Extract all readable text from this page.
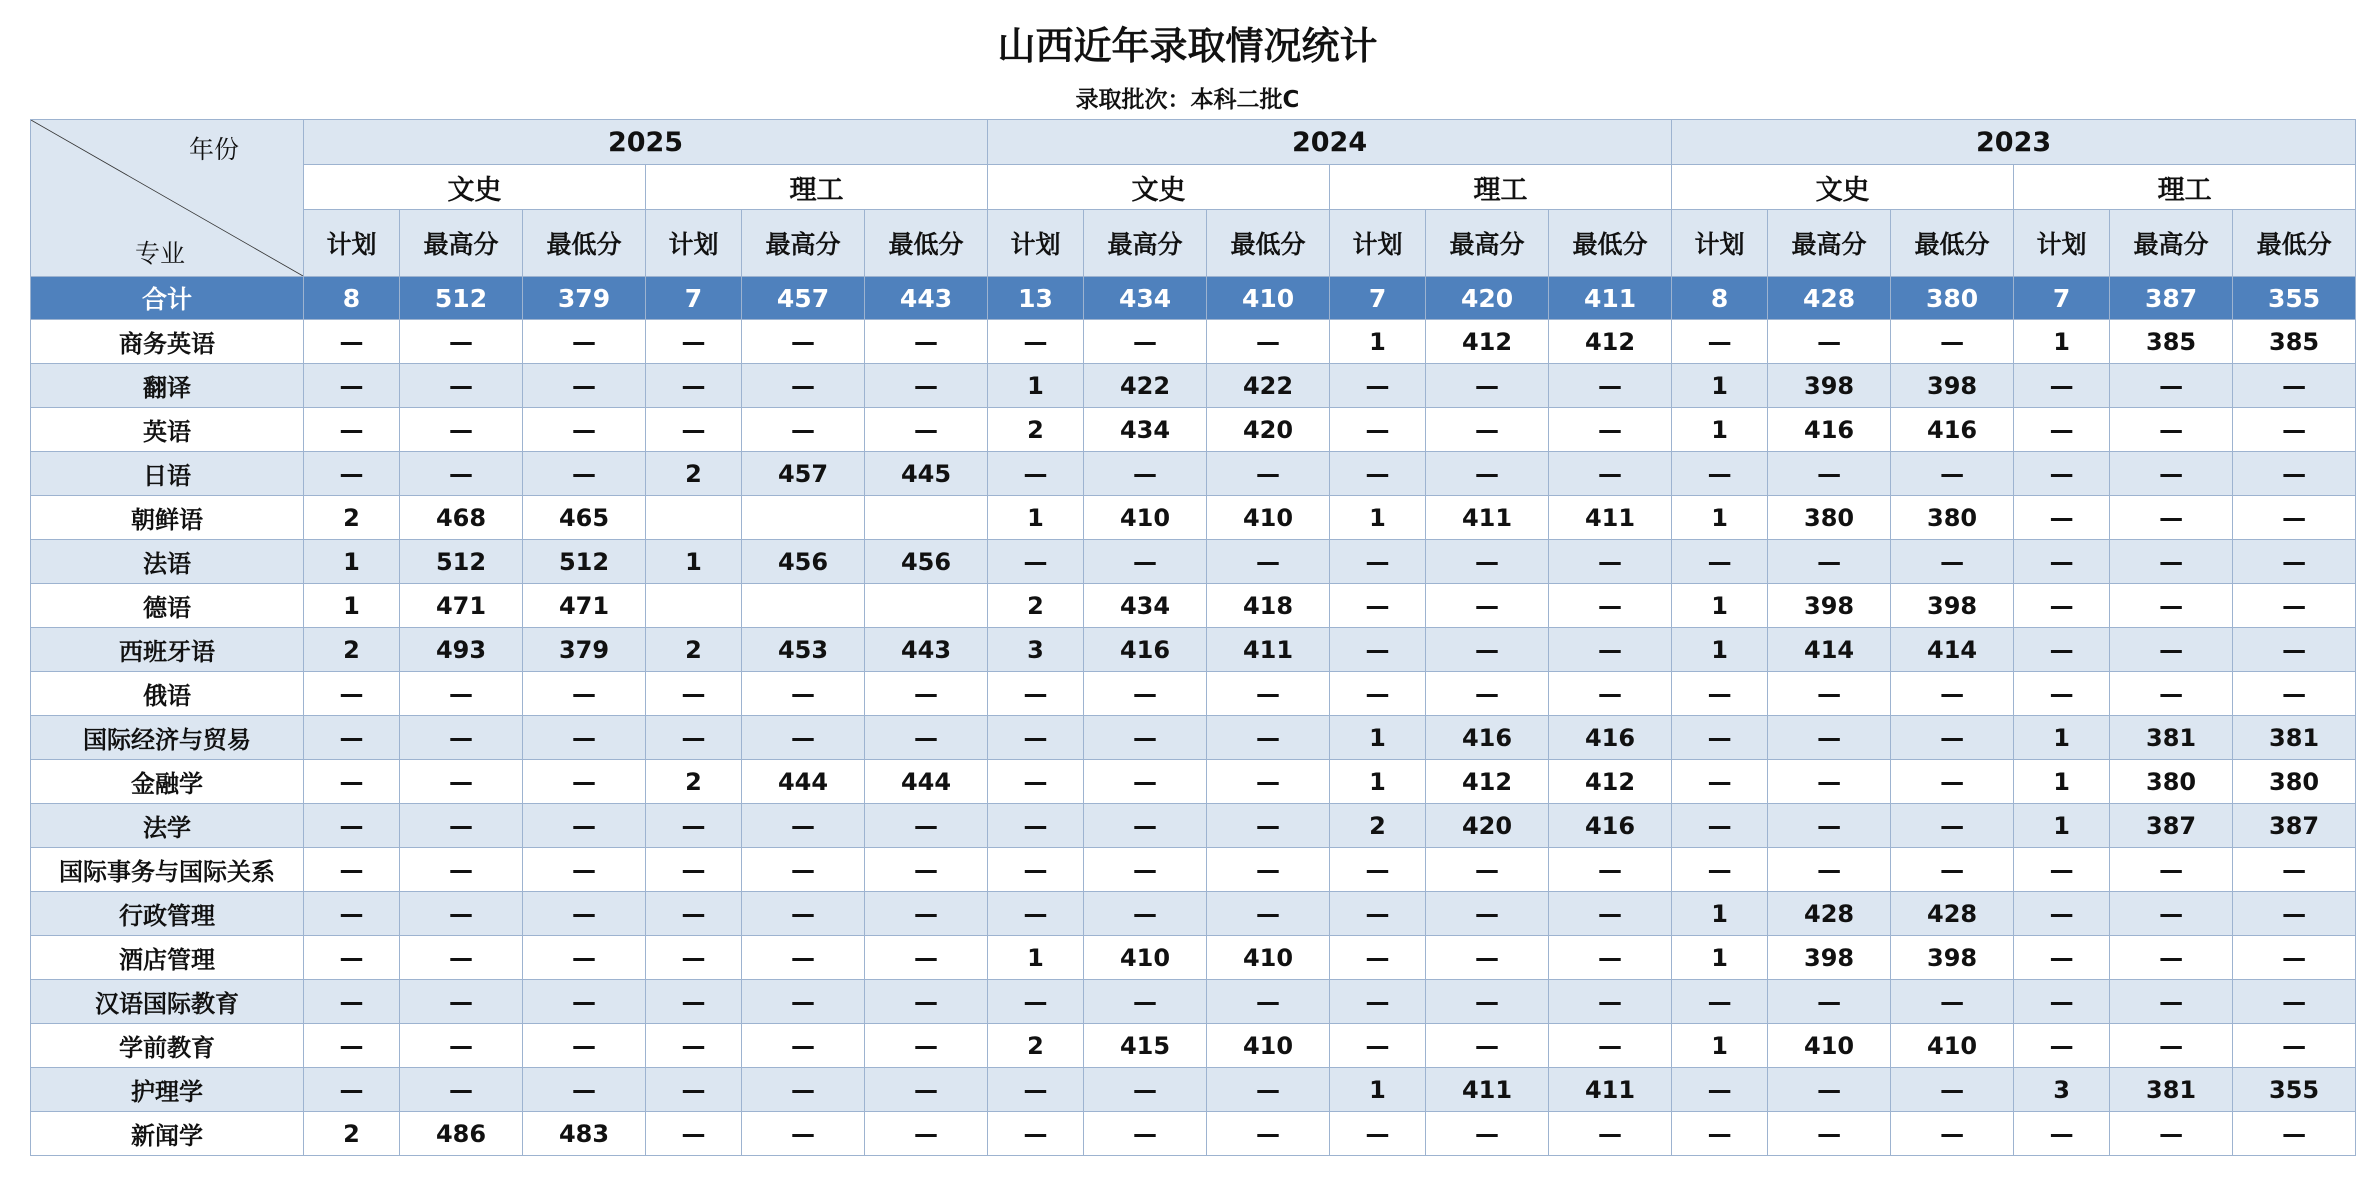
山西近年录取情况统计
录取批次：本科二批C
年份
专业	2025						2024						2023					
	文史			理工			文史			理工			文史			理工		
	计划	最高分	最低分	计划	最高分	最低分	计划	最高分	最低分	计划	最高分	最低分	计划	最高分	最低分	计划	最高分	最低分
合计	8	512	379	7	457	443	13	434	410	7	420	411	8	428	380	7	387	355
商务英语	—	—	—	—	—	—	—	—	—	1	412	412	—	—	—	1	385	385
翻译	—	—	—	—	—	—	1	422	422	—	—	—	1	398	398	—	—	—
英语	—	—	—	—	—	—	2	434	420	—	—	—	1	416	416	—	—	—
日语	—	—	—	2	457	445	—	—	—	—	—	—	—	—	—	—	—	—
朝鲜语	2	468	465				1	410	410	1	411	411	1	380	380	—	—	—
法语	1	512	512	1	456	456	—	—	—	—	—	—	—	—	—	—	—	—
德语	1	471	471				2	434	418	—	—	—	1	398	398	—	—	—
西班牙语	2	493	379	2	453	443	3	416	411	—	—	—	1	414	414	—	—	—
俄语	—	—	—	—	—	—	—	—	—	—	—	—	—	—	—	—	—	—
国际经济与贸易	—	—	—	—	—	—	—	—	—	1	416	416	—	—	—	1	381	381
金融学	—	—	—	2	444	444	—	—	—	1	412	412	—	—	—	1	380	380
法学	—	—	—	—	—	—	—	—	—	2	420	416	—	—	—	1	387	387
国际事务与国际关系	—	—	—	—	—	—	—	—	—	—	—	—	—	—	—	—	—	—
行政管理	—	—	—	—	—	—	—	—	—	—	—	—	1	428	428	—	—	—
酒店管理	—	—	—	—	—	—	1	410	410	—	—	—	1	398	398	—	—	—
汉语国际教育	—	—	—	—	—	—	—	—	—	—	—	—	—	—	—	—	—	—
学前教育	—	—	—	—	—	—	2	415	410	—	—	—	1	410	410	—	—	—
护理学	—	—	—	—	—	—	—	—	—	1	411	411	—	—	—	3	381	355
新闻学	2	486	483	—	—	—	—	—	—	—	—	—	—	—	—	—	—	—
